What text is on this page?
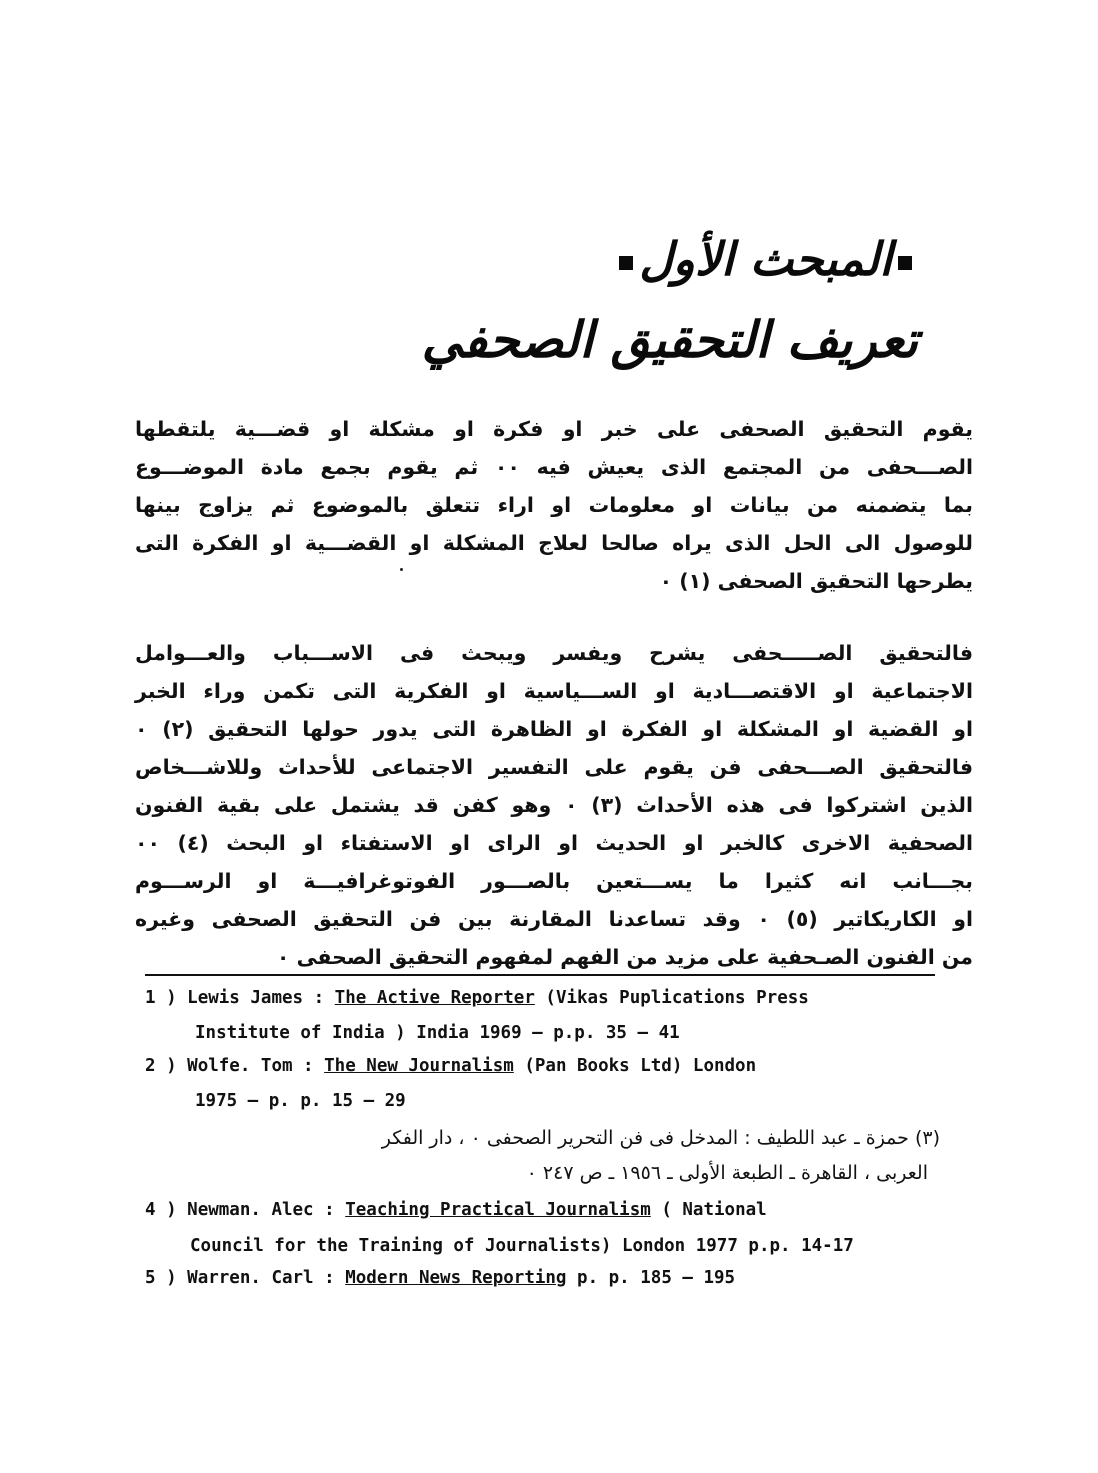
المبحث الأول
تعريف التحقيق الصحفي
يقوم التحقيق الصحفى على خبر او فكرة او مشكلة او قضـــية يلتقطها
الصـــحفى من المجتمع الذى يعيش فيه ٠٠ ثم يقوم بجمع مادة الموضـــوع
بما يتضمنه من بيانات او معلومات او اراء تتعلق بالموضوع ثم يزاوج بينها
للوصول الى الحل الذى يراه صالحا لعلاج المشكلة او القضـــية او الفكرة التى
يطرحها التحقيق الصحفى (١) ٠
فالتحقيق الصـــــحفى يشرح ويفسر ويبحث فى الاســـباب والعـــوامل
الاجتماعية او الاقتصـــادية او الســـياسية او الفكرية التى تكمن وراء الخبر
او القضية او المشكلة او الفكرة او الظاهرة التى يدور حولها التحقيق (٢) ٠
فالتحقيق الصـــحفى فن يقوم على التفسير الاجتماعى للأحداث وللاشـــخاص
الذين اشتركوا فى هذه الأحداث (٣) ٠ وهو كفن قد يشتمل على بقية الفنون
الصحفية الاخرى كالخبر او الحديث او الراى او الاستفتاء او البحث (٤) ٠٠
بجـــانب انه كثيرا ما يســـتعين بالصـــور الفوتوغرافيـــة او الرســـوم
او الكاريكاتير (٥) ٠ وقد تساعدنا المقارنة بين فن التحقيق الصحفى وغيره
من الفنون الصـحفية على مزيد من الفهم لمفهوم التحقيق الصحفى ٠
1 ) Lewis James : The Active Reporter (Vikas Puplications Press
Institute of India ) India 1969 — p.p. 35 — 41
2 ) Wolfe. Tom : The New Journalism (Pan Books Ltd) London
1975 — p. p. 15 — 29
(٣) حمزة ـ عبد اللطيف : المدخل فى فن التحرير الصحفى ٠ ، دار الفكر
العربى ، القاهرة ـ الطبعة الأولى ـ ١٩٥٦ ـ ص ٢٤٧ ٠
4 ) Newman. Alec : Teaching Practical Journalism ( National
Council for the Training of Journalists) London 1977 p.p. 14-17
5 ) Warren. Carl : Modern News Reporting p. p. 185 — 195
